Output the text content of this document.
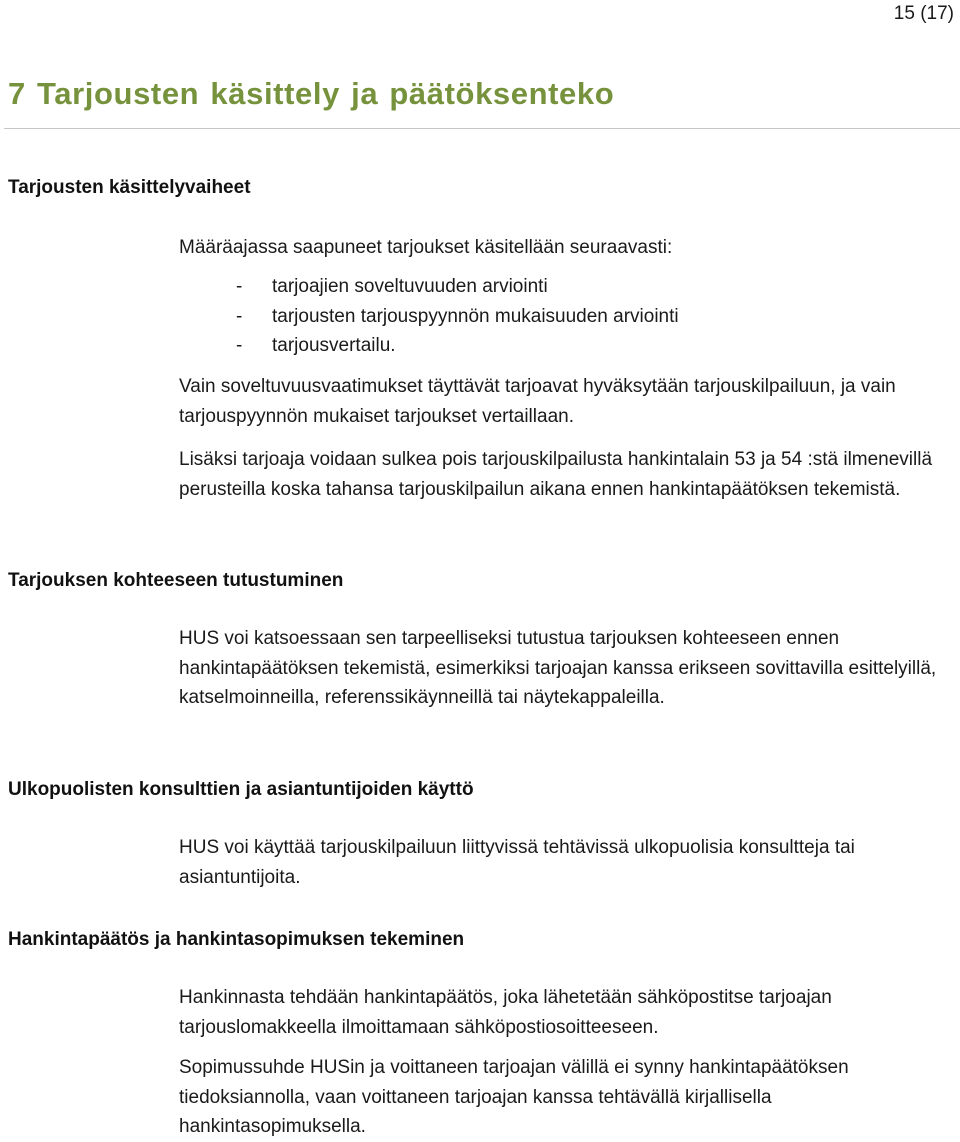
15 (17)
7 Tarjousten käsittely ja päätöksenteko
Tarjousten käsittelyvaiheet

Määräajassa saapuneet tarjoukset käsitellään seuraavasti:

-	tarjoajien soveltuvuuden arviointi
-	tarjousten tarjouspyynnön mukaisuuden arviointi
-	tarjousvertailu.

Vain soveltuvuusvaatimukset täyttävät tarjoavat hyväksytään tarjouskilpailuun, ja vain tarjouspyynnön mukaiset tarjoukset vertaillaan.

Lisäksi tarjoaja voidaan sulkea pois tarjouskilpailusta hankintalain 53 ja 54 :stä ilmenevillä perusteilla koska tahansa tarjouskilpailun aikana ennen hankintapäätöksen tekemistä.

Tarjouksen kohteeseen tutustuminen

HUS voi katsoessaan sen tarpeelliseksi tutustua tarjouksen kohteeseen ennen hankintapäätöksen tekemistä, esimerkiksi tarjoajan kanssa erikseen sovittavilla esittelyillä, katselmoinneilla, referenssikäynneillä tai näytekappaleilla.

Ulkopuolisten konsulttien ja asiantuntijoiden käyttö

HUS voi käyttää tarjouskilpailuun liittyvissä tehtävissä ulkopuolisia konsultteja tai asiantuntijoita.

Hankintapäätös ja hankintasopimuksen tekeminen

Hankinnasta tehdään hankintapäätös, joka lähetetään sähköpostitse tarjoajan tarjouslomakkeella ilmoittamaan sähköpostiosoitteeseen.

Sopimussuhde HUSin ja voittaneen tarjoajan välillä ei synny hankintapäätöksen tiedoksiannolla, vaan voittaneen tarjoajan kanssa tehtävällä kirjallisella hankintasopimuksella.
